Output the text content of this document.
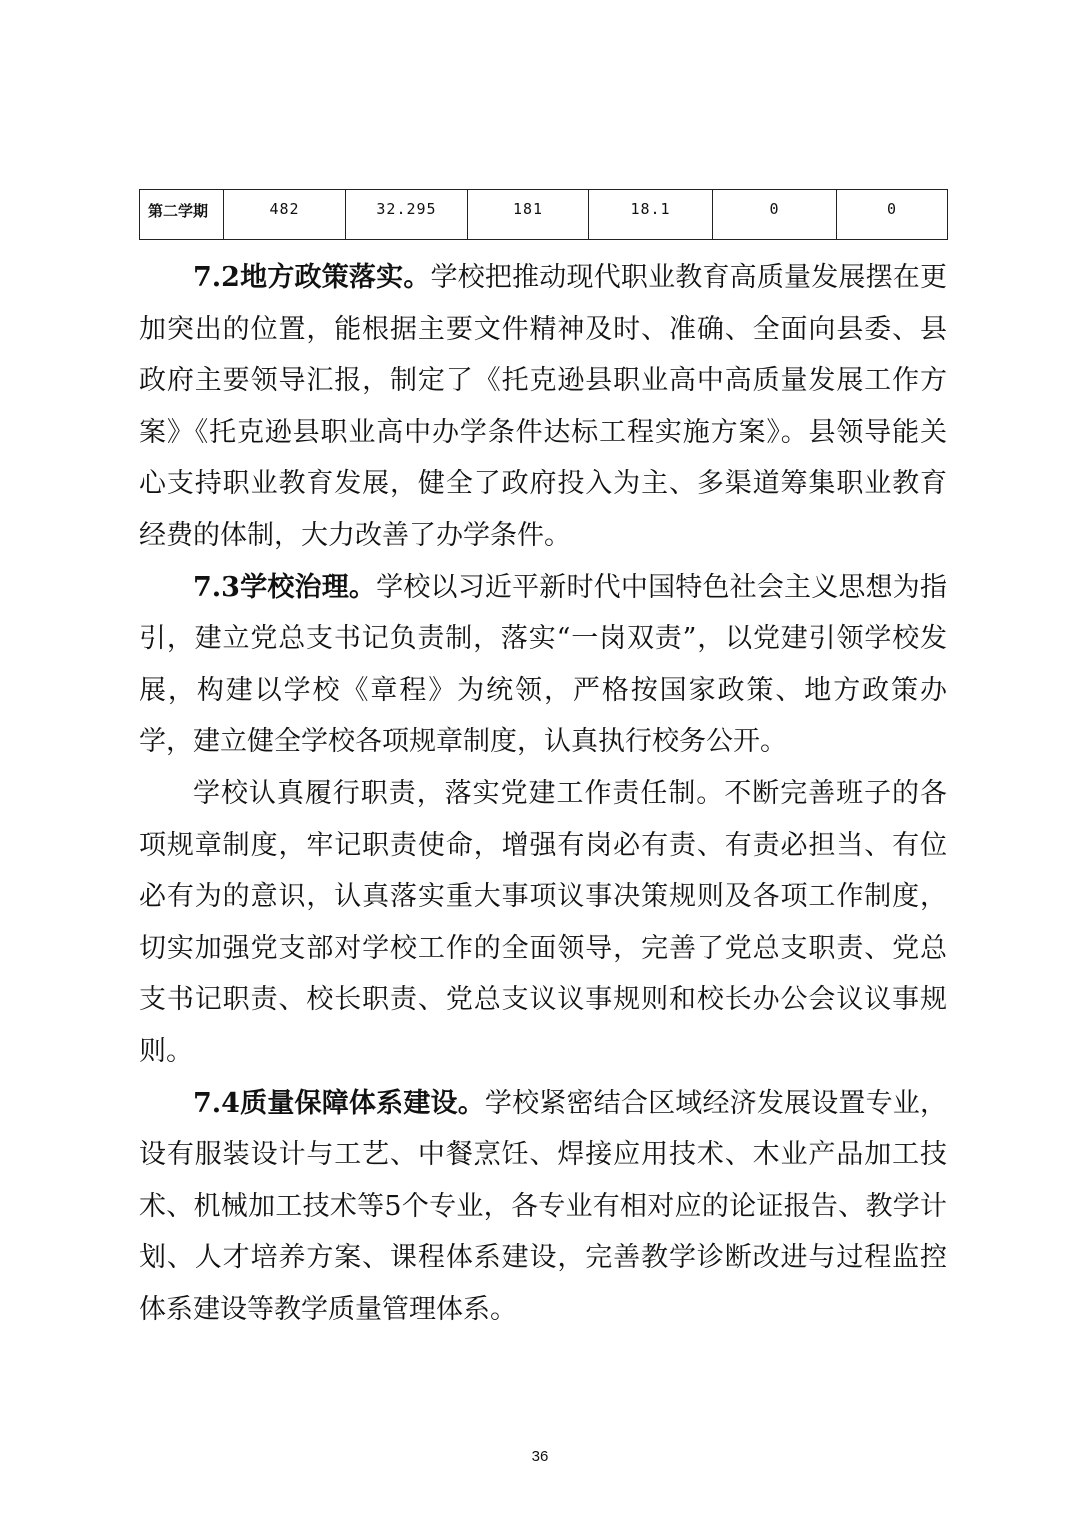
第二学期	482	32.295	181	18.1	0	0

7.2地方政策落实。学校把推动现代职业教育高质量发展摆在更加突出的位置，能根据主要文件精神及时、准确、全面向县委、县政府主要领导汇报，制定了《托克逊县职业高中高质量发展工作方案》《托克逊县职业高中办学条件达标工程实施方案》。县领导能关心支持职业教育发展，健全了政府投入为主、多渠道筹集职业教育经费的体制，大力改善了办学条件。

7.3学校治理。学校以习近平新时代中国特色社会主义思想为指引，建立党总支书记负责制，落实“一岗双责”，以党建引领学校发展，构建以学校《章程》为统领，严格按国家政策、地方政策办学，建立健全学校各项规章制度，认真执行校务公开。

学校认真履行职责，落实党建工作责任制。不断完善班子的各项规章制度，牢记职责使命，增强有岗必有责、有责必担当、有位必有为的意识，认真落实重大事项议事决策规则及各项工作制度，切实加强党支部对学校工作的全面领导，完善了党总支职责、党总支书记职责、校长职责、党总支议议事规则和校长办公会议议事规则。

7.4质量保障体系建设。学校紧密结合区域经济发展设置专业，设有服装设计与工艺、中餐烹饪、焊接应用技术、木业产品加工技术、机械加工技术等5个专业，各专业有相对应的论证报告、教学计划、人才培养方案、课程体系建设，完善教学诊断改进与过程监控体系建设等教学质量管理体系。

36
